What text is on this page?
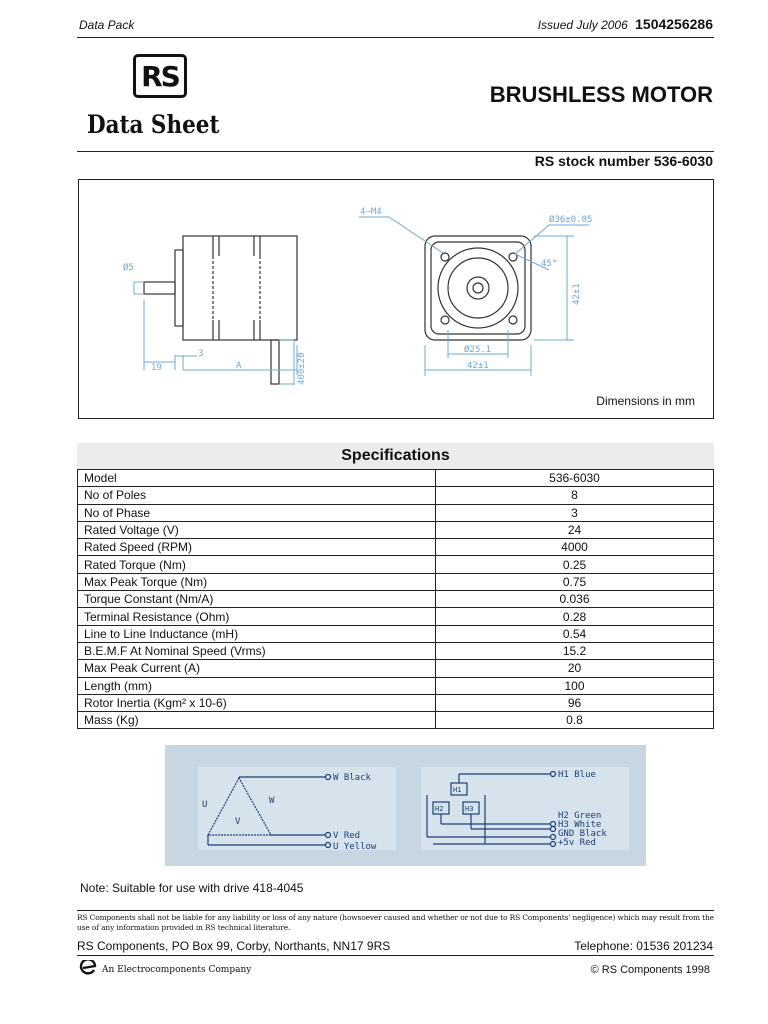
Data Pack	Issued July 2006 1504256286
RS
Data Sheet
BRUSHLESS MOTOR
RS stock number 536-6030
Ø5
19
3
A	400±20
4–M4
Ø36±0.05
45°
42±1
Ø25.1
42±1
Dimensions in mm
Specifications
Model	536-6030
No of Poles	8
No of Phase	3
Rated Voltage (V)	24
Rated Speed (RPM)	4000
Rated Torque (Nm)	0.25
Max Peak Torque (Nm)	0.75
Torque Constant (Nm/A)	0.036
Terminal Resistance (Ohm)	0.28
Line to Line Inductance (mH)	0.54
B.E.M.F At Nominal Speed (Vrms)	15.2
Max Peak Current (A)	20
Length (mm)	100
Rotor Inertia (Kgm² x 10-6)	96
Mass (Kg)	0.8
W Black
V Red
U Yellow
U
V
W
H1 Blue
H2 Green
H3 White
GND Black
+5v Red
H1
H2	H3
Note: Suitable for use with drive 418-4045
RS Components shall not be liable for any liability or loss of any nature (howsoever caused and whether or not due to RS Components' negligence) which may result from the use of any information provided in RS technical literature.
RS Components, PO Box 99, Corby, Northants, NN17 9RS	Telephone: 01536 201234
An Electrocomponents Company	© RS Components 1998
